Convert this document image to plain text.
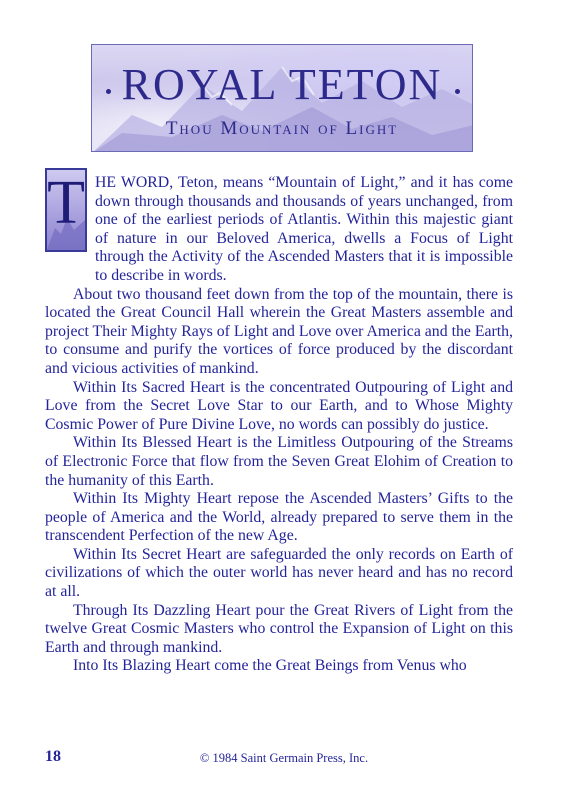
ROYAL TETON
Thou Mountain of Light
T HE WORD, Teton, means “Mountain of Light,” and it has come down through thousands and thousands of years unchanged, from one of the earliest periods of Atlantis. Within this majestic giant of nature in our Beloved America, dwells a Focus of Light through the Activity of the Ascended Masters that it is impossible to describe in words.

About two thousand feet down from the top of the mountain, there is located the Great Council Hall wherein the Great Masters assemble and project Their Mighty Rays of Light and Love over America and the Earth, to consume and purify the vortices of force produced by the discordant and vicious activities of mankind.

Within Its Sacred Heart is the concentrated Outpouring of Light and Love from the Secret Love Star to our Earth, and to Whose Mighty Cosmic Power of Pure Divine Love, no words can possibly do justice.

Within Its Blessed Heart is the Limitless Outpouring of the Streams of Electronic Force that flow from the Seven Great Elohim of Creation to the humanity of this Earth.

Within Its Mighty Heart repose the Ascended Masters’ Gifts to the people of America and the World, already prepared to serve them in the transcendent Perfection of the new Age.

Within Its Secret Heart are safeguarded the only records on Earth of civilizations of which the outer world has never heard and has no record at all.

Through Its Dazzling Heart pour the Great Rivers of Light from the twelve Great Cosmic Masters who control the Expansion of Light on this Earth and through mankind.

Into Its Blazing Heart come the Great Beings from Venus who

18	© 1984 Saint Germain Press, Inc.
